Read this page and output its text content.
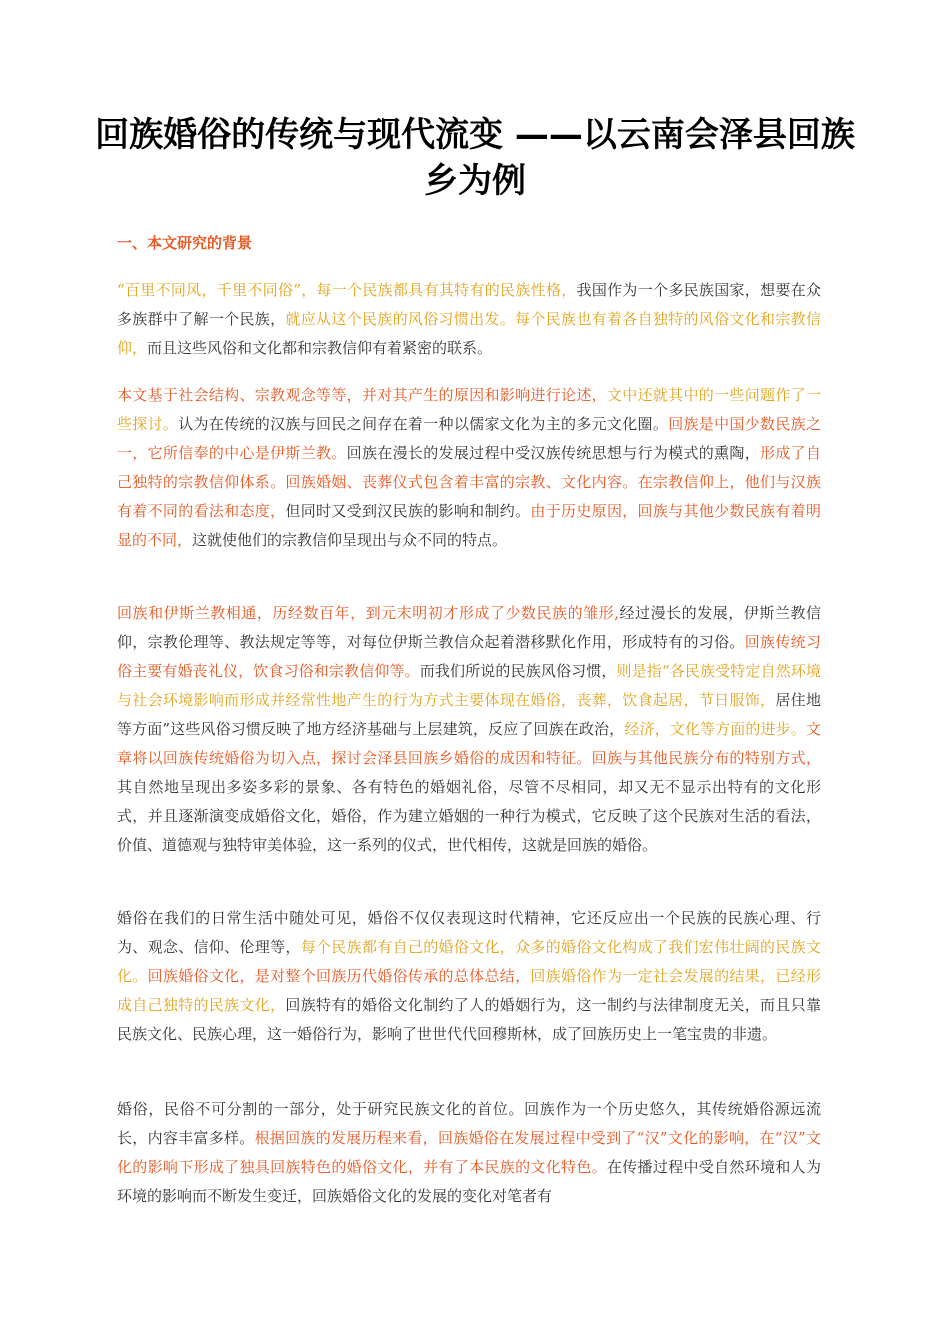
回族婚俗的传统与现代流变 ——以云南会泽县回族乡为例
一、本文研究的背景

“百里不同风，千里不同俗”，每一个民族都具有其特有的民族性格，我国作为一个多民族国家，想要在众多族群中了解一个民族，就应从这个民族的风俗习惯出发。每个民族也有着各自独特的风俗文化和宗教信仰，而且这些风俗和文化都和宗教信仰有着紧密的联系。

本文基于社会结构、宗教观念等等，并对其产生的原因和影响进行论述，文中还就其中的一些问题作了一些探讨。认为在传统的汉族与回民之间存在着一种以儒家文化为主的多元文化圈。回族是中国少数民族之一，它所信奉的中心是伊斯兰教。回族在漫长的发展过程中受汉族传统思想与行为模式的熏陶，形成了自己独特的宗教信仰体系。回族婚姻、丧葬仪式包含着丰富的宗教、文化内容。在宗教信仰上，他们与汉族有着不同的看法和态度，但同时又受到汉民族的影响和制约。由于历史原因，回族与其他少数民族有着明显的不同，这就使他们的宗教信仰呈现出与众不同的特点。

回族和伊斯兰教相通，历经数百年，到元末明初才形成了少数民族的雏形,经过漫长的发展，伊斯兰教信仰，宗教伦理等、教法规定等等，对每位伊斯兰教信众起着潜移默化作用，形成特有的习俗。回族传统习俗主要有婚丧礼仪，饮食习俗和宗教信仰等。而我们所说的民族风俗习惯，则是指“各民族受特定自然环境与社会环境影响而形成并经常性地产生的行为方式主要体现在婚俗，丧葬，饮食起居，节日服饰，居住地等方面”这些风俗习惯反映了地方经济基础与上层建筑，反应了回族在政治，经济，文化等方面的进步。文章将以回族传统婚俗为切入点，探讨会泽县回族乡婚俗的成因和特征。回族与其他民族分布的特别方式，其自然地呈现出多姿多彩的景象、各有特色的婚姻礼俗，尽管不尽相同，却又无不显示出特有的文化形式，并且逐渐演变成婚俗文化，婚俗，作为建立婚姻的一种行为模式，它反映了这个民族对生活的看法，价值、道德观与独特审美体验，这一系列的仪式，世代相传，这就是回族的婚俗。

婚俗在我们的日常生活中随处可见，婚俗不仅仅表现这时代精神，它还反应出一个民族的民族心理、行为、观念、信仰、伦理等，每个民族都有自己的婚俗文化，众多的婚俗文化构成了我们宏伟壮阔的民族文化。回族婚俗文化，是对整个回族历代婚俗传承的总体总结，回族婚俗作为一定社会发展的结果，已经形成自己独特的民族文化，回族特有的婚俗文化制约了人的婚姻行为，这一制约与法律制度无关，而且只靠民族文化、民族心理，这一婚俗行为，影响了世世代代回穆斯林，成了回族历史上一笔宝贵的非遗。

婚俗，民俗不可分割的一部分，处于研究民族文化的首位。回族作为一个历史悠久，其传统婚俗源远流长，内容丰富多样。根据回族的发展历程来看，回族婚俗在发展过程中受到了“汉”文化的影响，在“汉”文化的影响下形成了独具回族特色的婚俗文化，并有了本民族的文化特色。在传播过程中受自然环境和人为环境的影响而不断发生变迁，回族婚俗文化的发展的变化对笔者有
